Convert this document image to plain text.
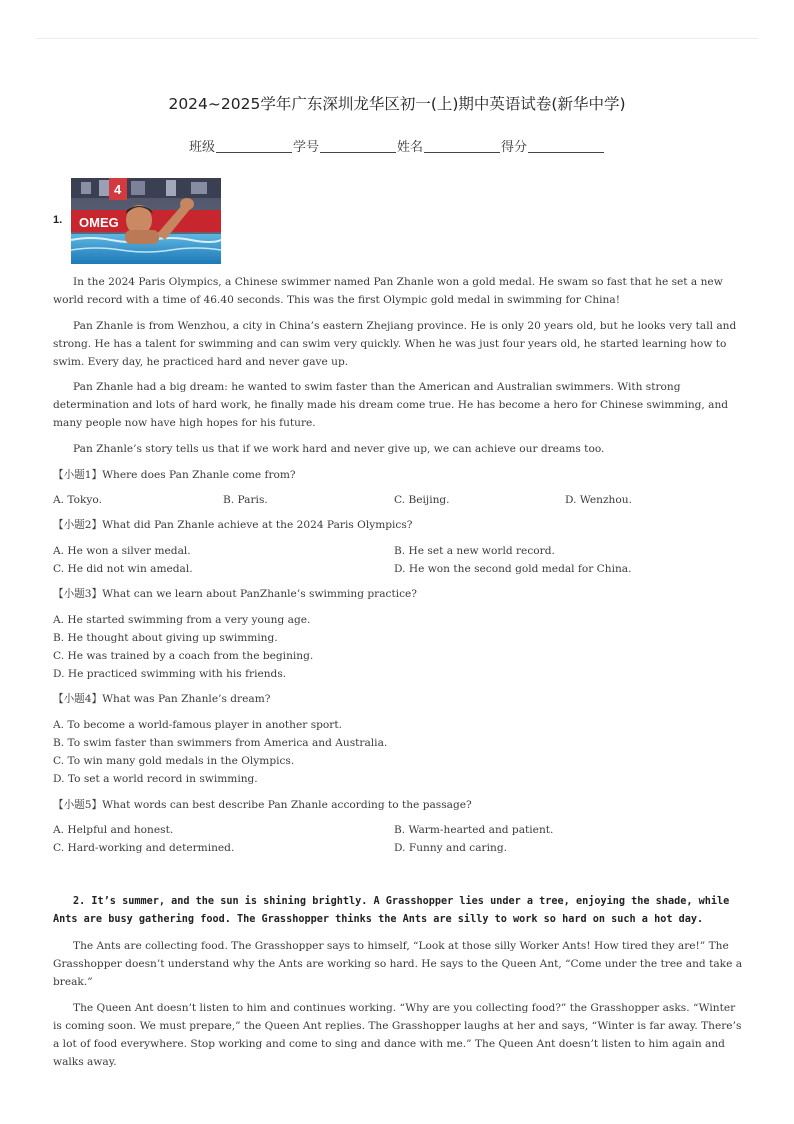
2024~2025学年广东深圳龙华区初一(上)期中英语试卷(新华中学)
班级	学号	姓名	得分
1.
4
OMEG

In the 2024 Paris Olympics, a Chinese swimmer named Pan Zhanle won a gold medal. He swam so fast that he set a new world record with a time of 46.40 seconds. This was the first Olympic gold medal in swimming for China!

Pan Zhanle is from Wenzhou, a city in China’s eastern Zhejiang province. He is only 20 years old, but he looks very tall and strong. He has a talent for swimming and can swim very quickly. When he was just four years old, he started learning how to swim. Every day, he practiced hard and never gave up.

Pan Zhanle had a big dream: he wanted to swim faster than the American and Australian swimmers. With strong determination and lots of hard work, he finally made his dream come true. He has become a hero for Chinese swimming, and many people now have high hopes for his future.

Pan Zhanle’s story tells us that if we work hard and never give up, we can achieve our dreams too.

【小题1】Where does Pan Zhanle come from?

A. Tokyo.	B. Paris.	C. Beijing.	D. Wenzhou.

【小题2】What did Pan Zhanle achieve at the 2024 Paris Olympics?

A. He won a silver medal.	B. He set a new world record.
C. He did not win amedal.	D. He won the second gold medal for China.

【小题3】What can we learn about PanZhanle’s swimming practice?

A. He started swimming from a very young age.
B. He thought about giving up swimming.
C. He was trained by a coach from the begining.
D. He practiced swimming with his friends.

【小题4】What was Pan Zhanle’s dream?

A. To become a world-famous player in another sport.
B. To swim faster than swimmers from America and Australia.
C. To win many gold medals in the Olympics.
D. To set a world record in swimming.

【小题5】What words can best describe Pan Zhanle according to the passage?

A. Helpful and honest.	B. Warm-hearted and patient.
C. Hard-working and determined.	D. Funny and caring.

2. It’s summer, and the sun is shining brightly. A Grasshopper lies under a tree, enjoying the shade, while Ants are busy gathering food. The Grasshopper thinks the Ants are silly to work so hard on such a hot day.

The Ants are collecting food. The Grasshopper says to himself, “Look at those silly Worker Ants! How tired they are!” The Grasshopper doesn’t understand why the Ants are working so hard. He says to the Queen Ant, “Come under the tree and take a break.”

The Queen Ant doesn’t listen to him and continues working. “Why are you collecting food?” the Grasshopper asks. “Winter is coming soon. We must prepare,” the Queen Ant replies. The Grasshopper laughs at her and says, “Winter is far away. There’s a lot of food everywhere. Stop working and come to sing and dance with me.” The Queen Ant doesn’t listen to him again and walks away.
